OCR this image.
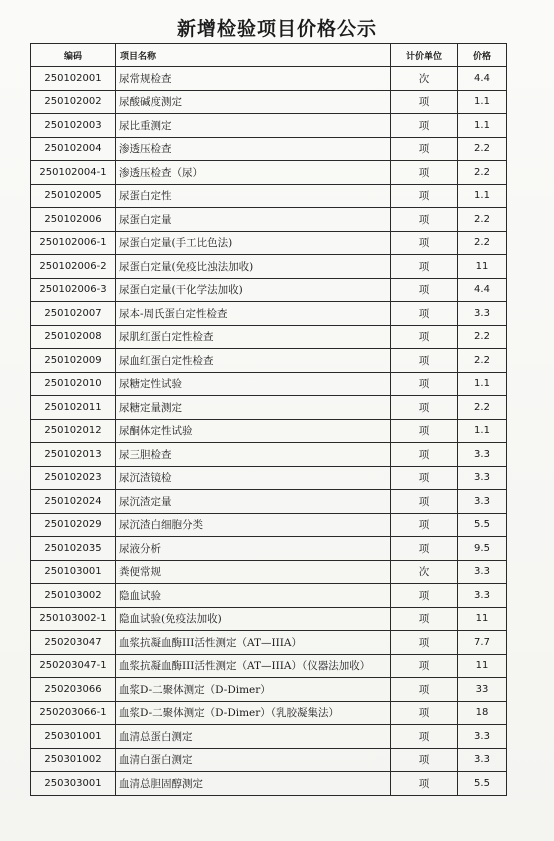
新增检验项目价格公示
编码	项目名称	计价单位	价格
250102001	尿常规检查	次	4.4
250102002	尿酸碱度测定	项	1.1
250102003	尿比重测定	项	1.1
250102004	渗透压检查	项	2.2
250102004-1	渗透压检查（尿）	项	2.2
250102005	尿蛋白定性	项	1.1
250102006	尿蛋白定量	项	2.2
250102006-1	尿蛋白定量(手工比色法)	项	2.2
250102006-2	尿蛋白定量(免疫比浊法加收)	项	11
250102006-3	尿蛋白定量(干化学法加收)	项	4.4
250102007	尿本-周氏蛋白定性检查	项	3.3
250102008	尿肌红蛋白定性检查	项	2.2
250102009	尿血红蛋白定性检查	项	2.2
250102010	尿糖定性试验	项	1.1
250102011	尿糖定量测定	项	2.2
250102012	尿酮体定性试验	项	1.1
250102013	尿三胆检查	项	3.3
250102023	尿沉渣镜检	项	3.3
250102024	尿沉渣定量	项	3.3
250102029	尿沉渣白细胞分类	项	5.5
250102035	尿液分析	项	9.5
250103001	粪便常规	次	3.3
250103002	隐血试验	项	3.3
250103002-1	隐血试验(免疫法加收)	项	11
250203047	血浆抗凝血酶III活性测定（AT—IIIA）	项	7.7
250203047-1	血浆抗凝血酶III活性测定（AT—IIIA）（仪器法加收）	项	11
250203066	血浆D-二聚体测定（D-Dimer）	项	33
250203066-1	血浆D-二聚体测定（D-Dimer）（乳胶凝集法）	项	18
250301001	血清总蛋白测定	项	3.3
250301002	血清白蛋白测定	项	3.3
250303001	血清总胆固醇测定	项	5.5
